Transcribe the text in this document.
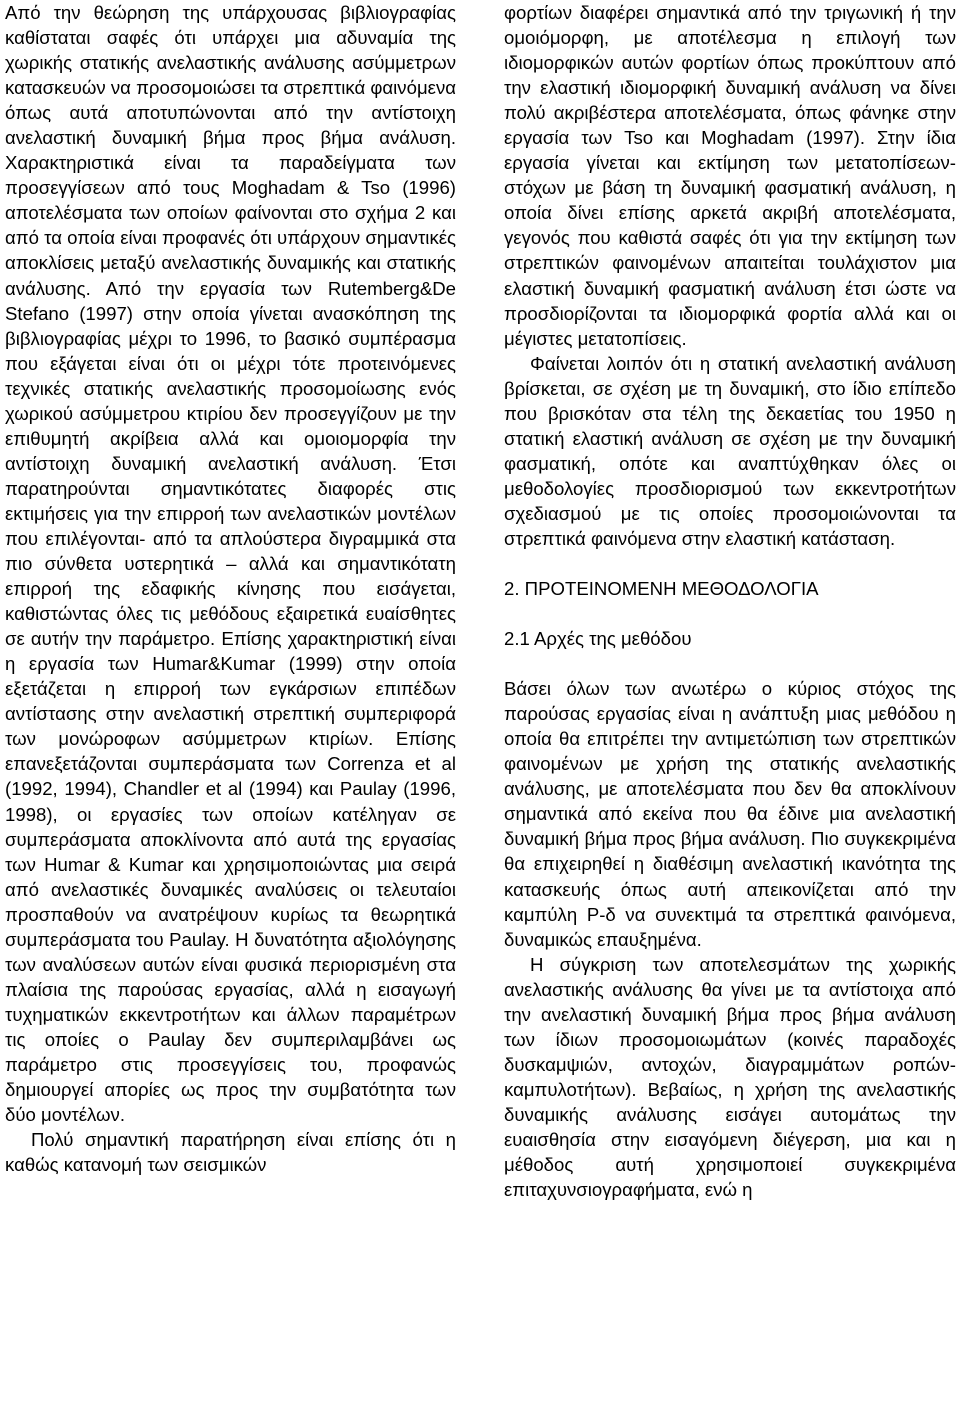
Από την θεώρηση της υπάρχουσας βιβλιογραφίας καθίσταται σαφές ότι υπάρχει μια αδυναμία της χωρικής στατικής ανελαστικής ανάλυσης ασύμμετρων κατασκευών να προσομοιώσει τα στρεπτικά φαινόμενα όπως αυτά αποτυπώνονται από την αντίστοιχη ανελαστική δυναμική βήμα προς βήμα ανάλυση. Χαρακτηριστικά είναι τα παραδείγματα των προσεγγίσεων από τους Moghadam & Tso (1996) αποτελέσματα των οποίων φαίνονται στο σχήμα 2 και από τα οποία είναι προφανές ότι υπάρχουν σημαντικές αποκλίσεις μεταξύ ανελαστικής δυναμικής και στατικής ανάλυσης. Από την εργασία των Rutemberg&De Stefano (1997) στην οποία γίνεται ανασκόπηση της βιβλιογραφίας μέχρι το 1996, το βασικό συμπέρασμα που εξάγεται είναι ότι οι μέχρι τότε προτεινόμενες τεχνικές στατικής ανελαστικής προσομοίωσης ενός χωρικού ασύμμετρου κτιρίου δεν προσεγγίζουν με την επιθυμητή ακρίβεια αλλά και ομοιομορφία την αντίστοιχη δυναμική ανελαστική ανάλυση. Έτσι παρατηρούνται σημαντικότατες διαφορές στις εκτιμήσεις για την επιρροή των ανελαστικών μοντέλων που επιλέγονται- από τα απλούστερα διγραμμικά στα πιο σύνθετα υστερητικά – αλλά και σημαντικότατη επιρροή της εδαφικής κίνησης που εισάγεται, καθιστώντας όλες τις μεθόδους εξαιρετικά ευαίσθητες σε αυτήν την παράμετρο. Επίσης χαρακτηριστική είναι η εργασία των Humar&Kumar (1999) στην οποία εξετάζεται η επιρροή των εγκάρσιων επιπέδων αντίστασης στην ανελαστική στρεπτική συμπεριφορά των μονώροφων ασύμμετρων κτιρίων. Επίσης επανεξετάζονται συμπεράσματα των Correnza et al (1992, 1994), Chandler et al (1994) και Paulay (1996, 1998), οι εργασίες των οποίων κατέληγαν σε συμπεράσματα αποκλίνοντα από αυτά της εργασίας των Humar & Kumar και χρησιμοποιώντας μια σειρά από ανελαστικές δυναμικές αναλύσεις οι τελευταίοι προσπαθούν να ανατρέψουν κυρίως τα θεωρητικά συμπεράσματα του Paulay. Η δυνατότητα αξιολόγησης των αναλύσεων αυτών είναι φυσικά περιορισμένη στα πλαίσια της παρούσας εργασίας, αλλά η εισαγωγή τυχηματικών εκκεντροτήτων και άλλων παραμέτρων τις οποίες ο Paulay δεν συμπεριλαμβάνει ως παράμετρο στις προσεγγίσεις του, προφανώς δημιουργεί απορίες ως προς την συμβατότητα των δύο μοντέλων.

Πολύ σημαντική παρατήρηση είναι επίσης ότι η καθώς κατανομή των σεισμικών

φορτίων διαφέρει σημαντικά από την τριγωνική ή την ομοιόμορφη, με αποτέλεσμα η επιλογή των ιδιομορφικών αυτών φορτίων όπως προκύπτουν από την ελαστική ιδιομορφική δυναμική ανάλυση να δίνει πολύ ακριβέστερα αποτελέσματα, όπως φάνηκε στην εργασία των Tso και Moghadam (1997). Στην ίδια εργασία γίνεται και εκτίμηση των μετατοπίσεων-στόχων με βάση τη δυναμική φασματική ανάλυση, η οποία δίνει επίσης αρκετά ακριβή αποτελέσματα, γεγονός που καθιστά σαφές ότι για την εκτίμηση των στρεπτικών φαινομένων απαιτείται τουλάχιστον μια ελαστική δυναμική φασματική ανάλυση έτσι ώστε να προσδιορίζονται τα ιδιομορφικά φορτία αλλά και οι μέγιστες μετατοπίσεις.

Φαίνεται λοιπόν ότι η στατική ανελαστική ανάλυση βρίσκεται, σε σχέση με τη δυναμική, στο ίδιο επίπεδο που βρισκόταν στα τέλη της δεκαετίας του 1950 η στατική ελαστική ανάλυση σε σχέση με την δυναμική φασματική, οπότε και αναπτύχθηκαν όλες οι μεθοδολογίες προσδιορισμού των εκκεντροτήτων σχεδιασμού με τις οποίες προσομοιώνονται τα στρεπτικά φαινόμενα στην ελαστική κατάσταση.

2. ΠΡΟΤΕΙΝΟΜΕΝΗ ΜΕΘΟΔΟΛΟΓΙΑ

2.1 Αρχές της μεθόδου

Βάσει όλων των ανωτέρω ο κύριος στόχος της παρούσας εργασίας είναι η ανάπτυξη μιας μεθόδου η οποία θα επιτρέπει την αντιμετώπιση των στρεπτικών φαινομένων με χρήση της στατικής ανελαστικής ανάλυσης, με αποτελέσματα που δεν θα αποκλίνουν σημαντικά από εκείνα που θα έδινε μια ανελαστική δυναμική βήμα προς βήμα ανάλυση. Πιο συγκεκριμένα θα επιχειρηθεί η διαθέσιμη ανελαστική ικανότητα της κατασκευής όπως αυτή απεικονίζεται από την καμπύλη P-δ να συνεκτιμά τα στρεπτικά φαινόμενα, δυναμικώς επαυξημένα.

Η σύγκριση των αποτελεσμάτων της χωρικής ανελαστικής ανάλυσης θα γίνει με τα αντίστοιχα από την ανελαστική δυναμική βήμα προς βήμα ανάλυση των ίδιων προσομοιωμάτων (κοινές παραδοχές δυσκαμψιών, αντοχών, διαγραμμάτων ροπών-καμπυλοτήτων). Βεβαίως, η χρήση της ανελαστικής δυναμικής ανάλυσης εισάγει αυτομάτως την ευαισθησία στην εισαγόμενη διέγερση, μια και η μέθοδος αυτή χρησιμοποιεί συγκεκριμένα επιταχυνσιογραφήματα, ενώ η
